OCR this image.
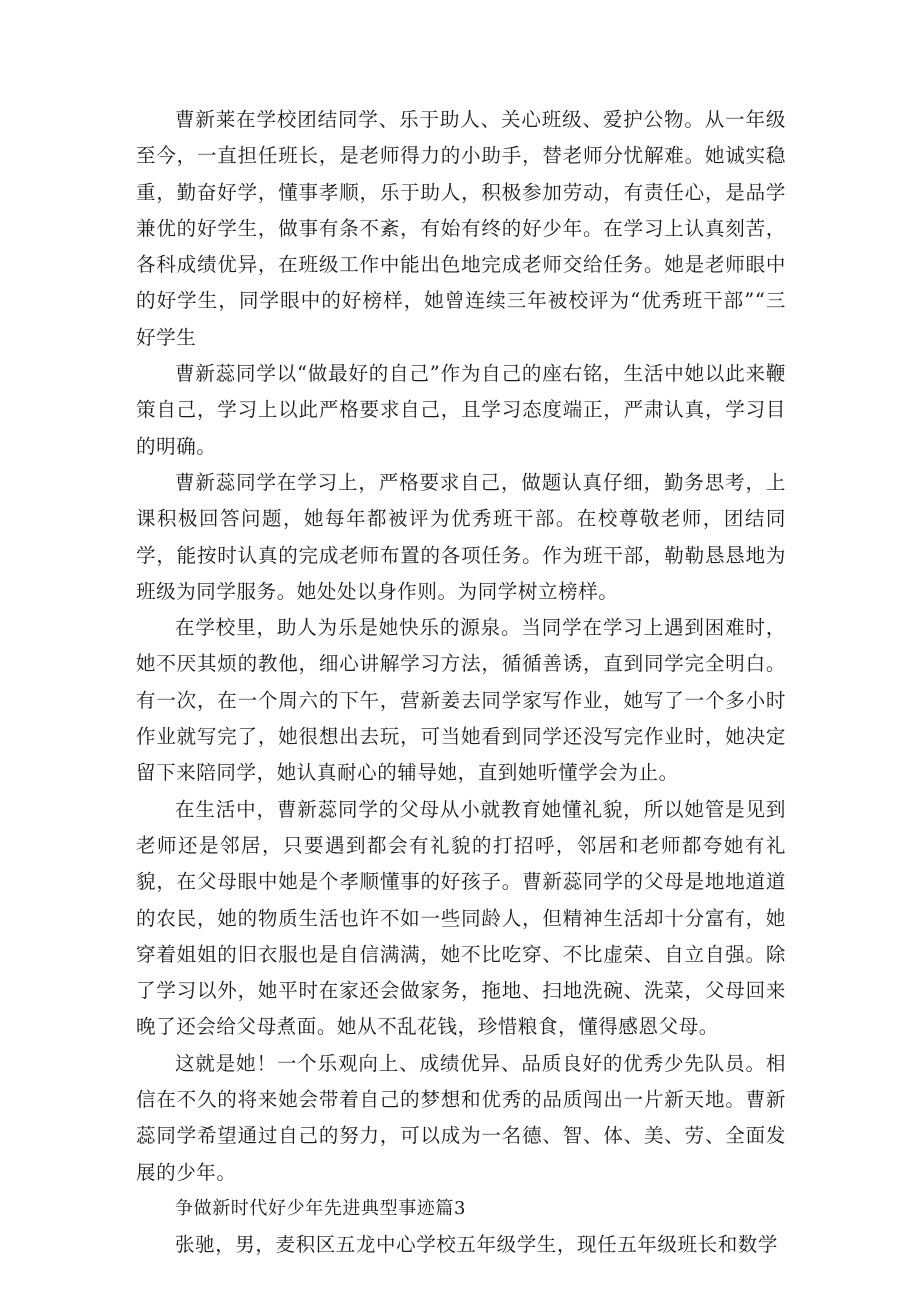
曹新莱在学校团结同学、乐于助人、关心班级、爱护公物。从一年级至今，一直担任班长，是老师得力的小助手，替老师分忧解难。她诚实稳重，勤奋好学，懂事孝顺，乐于助人，积极参加劳动，有责任心，是品学兼优的好学生，做事有条不紊，有始有终的好少年。在学习上认真刻苦，各科成绩优异，在班级工作中能出色地完成老师交给任务。她是老师眼中的好学生，同学眼中的好榜样，她曾连续三年被校评为“优秀班干部”“三好学生

曹新蕊同学以“做最好的自己”作为自己的座右铭，生活中她以此来鞭策自己，学习上以此严格要求自己，且学习态度端正，严肃认真，学习目的明确。

曹新蕊同学在学习上，严格要求自己，做题认真仔细，勤务思考，上课积极回答问题，她每年都被评为优秀班干部。在校尊敬老师，团结同学，能按时认真的完成老师布置的各项任务。作为班干部，勒勒恳恳地为班级为同学服务。她处处以身作则。为同学树立榜样。

在学校里，助人为乐是她快乐的源泉。当同学在学习上遇到困难时，她不厌其烦的教他，细心讲解学习方法，循循善诱，直到同学完全明白。有一次，在一个周六的下午，营新姜去同学家写作业，她写了一个多小时作业就写完了，她很想出去玩，可当她看到同学还没写完作业时，她决定留下来陪同学，她认真耐心的辅导她，直到她听懂学会为止。

在生活中，曹新蕊同学的父母从小就教育她懂礼貌，所以她管是见到老师还是邻居，只要遇到都会有礼貌的打招呼，邻居和老师都夸她有礼貌，在父母眼中她是个孝顺懂事的好孩子。曹新蕊同学的父母是地地道道的农民，她的物质生活也许不如一些同龄人，但精神生活却十分富有，她穿着姐姐的旧衣服也是自信满满，她不比吃穿、不比虚荣、自立自强。除了学习以外，她平时在家还会做家务，拖地、扫地洗碗、洗菜，父母回来晚了还会给父母煮面。她从不乱花钱，珍惜粮食，懂得感恩父母。

这就是她！一个乐观向上、成绩优异、品质良好的优秀少先队员。相信在不久的将来她会带着自己的梦想和优秀的品质闯出一片新天地。曹新蕊同学希望通过自己的努力，可以成为一名德、智、体、美、劳、全面发展的少年。

争做新时代好少年先进典型事迹篇3

张驰，男，麦积区五龙中心学校五年级学生，现任五年级班长和数学
